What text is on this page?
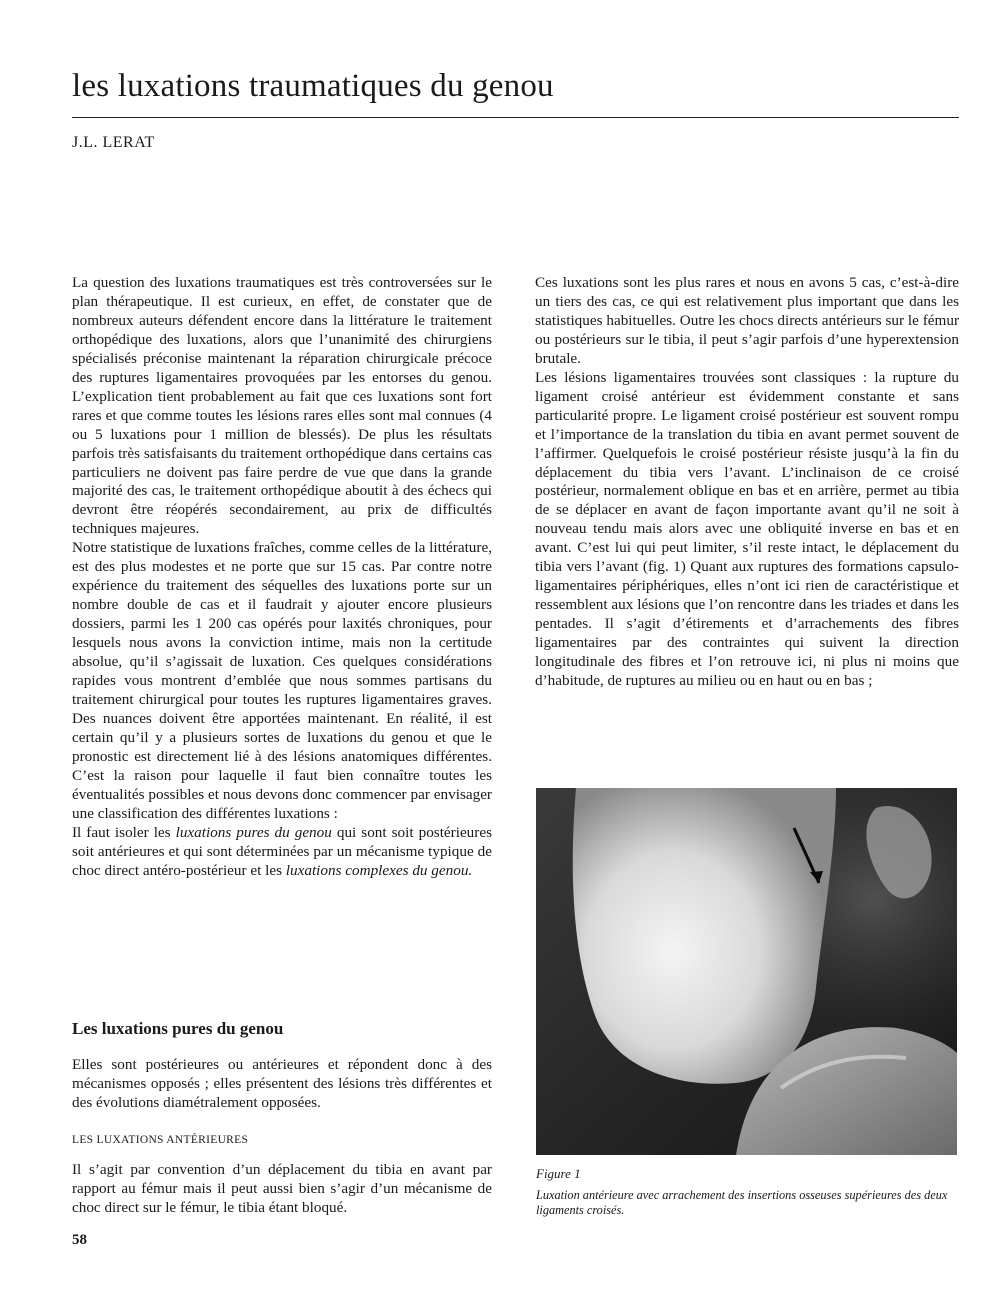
les luxations traumatiques du genou
J.L. LERAT

La question des luxations traumatiques est très controversées sur le plan thérapeutique. Il est curieux, en effet, de constater que de nombreux auteurs défendent encore dans la littérature le traitement orthopédique des luxations, alors que l’unanimité des chirurgiens spécialisés préconise maintenant la réparation chirurgicale précoce des ruptures ligamentaires provoquées par les entorses du genou. L’explication tient probablement au fait que ces luxations sont fort rares et que comme toutes les lésions rares elles sont mal connues (4 ou 5 luxations pour 1 million de blessés). De plus les résultats parfois très satisfaisants du traitement orthopédique dans certains cas particuliers ne doivent pas faire perdre de vue que dans la grande majorité des cas, le traitement orthopédique aboutit à des échecs qui devront être réopérés secondairement, au prix de difficultés techniques majeures.

Notre statistique de luxations fraîches, comme celles de la littérature, est des plus modestes et ne porte que sur 15 cas. Par contre notre expérience du traitement des séquelles des luxations porte sur un nombre double de cas et il faudrait y ajouter encore plusieurs dossiers, parmi les 1 200 cas opérés pour laxités chroniques, pour lesquels nous avons la conviction intime, mais non la certitude absolue, qu’il s’agissait de luxation. Ces quelques considérations rapides vous montrent d’emblée que nous sommes partisans du traitement chirurgical pour toutes les ruptures ligamentaires graves. Des nuances doivent être apportées maintenant. En réalité, il est certain qu’il y a plusieurs sortes de luxations du genou et que le pronostic est directement lié à des lésions anatomiques différentes. C’est la raison pour laquelle il faut bien connaître toutes les éventualités possibles et nous devons donc commencer par envisager une classification des différentes luxations :

Il faut isoler les luxations pures du genou qui sont soit postérieures soit antérieures et qui sont déterminées par un mécanisme typique de choc direct antéro-postérieur et les luxations complexes du genou.

Les luxations pures du genou

Elles sont postérieures ou antérieures et répondent donc à des mécanismes opposés ; elles présentent des lésions très différentes et des évolutions diamétralement opposées.

LES LUXATIONS ANTÉRIEURES

Il s’agit par convention d’un déplacement du tibia en avant par rapport au fémur mais il peut aussi bien s’agir d’un mécanisme de choc direct sur le fémur, le tibia étant bloqué.

58

Ces luxations sont les plus rares et nous en avons 5 cas, c’est-à-dire un tiers des cas, ce qui est relativement plus important que dans les statistiques habituelles. Outre les chocs directs antérieurs sur le fémur ou postérieurs sur le tibia, il peut s’agir parfois d’une hyperextension brutale.

Les lésions ligamentaires trouvées sont classiques : la rupture du ligament croisé antérieur est évidemment constante et sans particularité propre. Le ligament croisé postérieur est souvent rompu et l’importance de la translation du tibia en avant permet souvent de l’affirmer. Quelquefois le croisé postérieur résiste jusqu’à la fin du déplacement du tibia vers l’avant. L’inclinaison de ce croisé postérieur, normalement oblique en bas et en arrière, permet au tibia de se déplacer en avant de façon importante avant qu’il ne soit à nouveau tendu mais alors avec une obliquité inverse en bas et en avant. C’est lui qui peut limiter, s’il reste intact, le déplacement du tibia vers l’avant (fig. 1) Quant aux ruptures des formations capsulo-ligamentaires périphériques, elles n’ont ici rien de caractéristique et ressemblent aux lésions que l’on rencontre dans les triades et dans les pentades. Il s’agit d’étirements et d’arrachements des fibres ligamentaires par des contraintes qui suivent la direction longitudinale des fibres et l’on retrouve ici, ni plus ni moins que d’habitude, de ruptures au milieu ou en haut ou en bas ;

Figure 1

Luxation antérieure avec arrachement des insertions osseuses supérieures des deux ligaments croisés.
